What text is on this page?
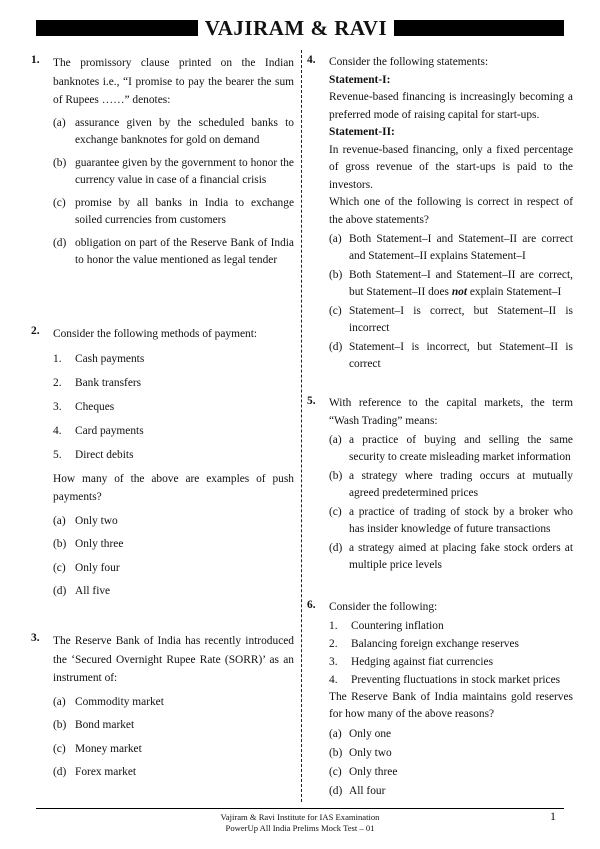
VAJIRAM & RAVI
1. The promissory clause printed on the Indian banknotes i.e., “I promise to pay the bearer the sum of Rupees ……” denotes:

(a) assurance given by the scheduled banks to exchange banknotes for gold on demand
(b) guarantee given by the government to honor the currency value in case of a financial crisis
(c) promise by all banks in India to exchange soiled currencies from customers
(d) obligation on part of the Reserve Bank of India to honor the value mentioned as legal tender
2. Consider the following methods of payment:

1.	Cash payments
2.	Bank transfers
3.	Cheques
4.	Card payments
5.	Direct debits

How many of the above are examples of push payments?

(a) Only two
(b) Only three
(c) Only four
(d) All five
3. The Reserve Bank of India has recently introduced the ‘Secured Overnight Rupee Rate (SORR)’ as an instrument of:

(a) Commodity market
(b) Bond market
(c) Money market
(d) Forex market
4. Consider the following statements:

Statement-I:

Revenue-based financing is increasingly becoming a preferred mode of raising capital for start-ups.

Statement-II:

In revenue-based financing, only a fixed percentage of gross revenue of the start-ups is paid to the investors.

Which one of the following is correct in respect of the above statements?

(a) Both Statement–I and Statement–II are correct and Statement–II explains Statement–I
(b) Both Statement–I and Statement–II are correct, but Statement–II does not explain Statement–I
(c) Statement–I is correct, but Statement–II is incorrect
(d) Statement–I is incorrect, but Statement–II is correct
5. With reference to the capital markets, the term “Wash Trading” means:

(a) a practice of buying and selling the same security to create misleading market information
(b) a strategy where trading occurs at mutually agreed predetermined prices
(c) a practice of trading of stock by a broker who has insider knowledge of future transactions
(d) a strategy aimed at placing fake stock orders at multiple price levels
6. Consider the following:

1.	Countering inflation
2.	Balancing foreign exchange reserves
3.	Hedging against fiat currencies
4.	Preventing fluctuations in stock market prices

The Reserve Bank of India maintains gold reserves for how many of the above reasons?

(a) Only one
(b) Only two
(c) Only three
(d) All four
Vajiram & Ravi Institute for IAS Examination
PowerUp All India Prelims Mock Test – 01
1
